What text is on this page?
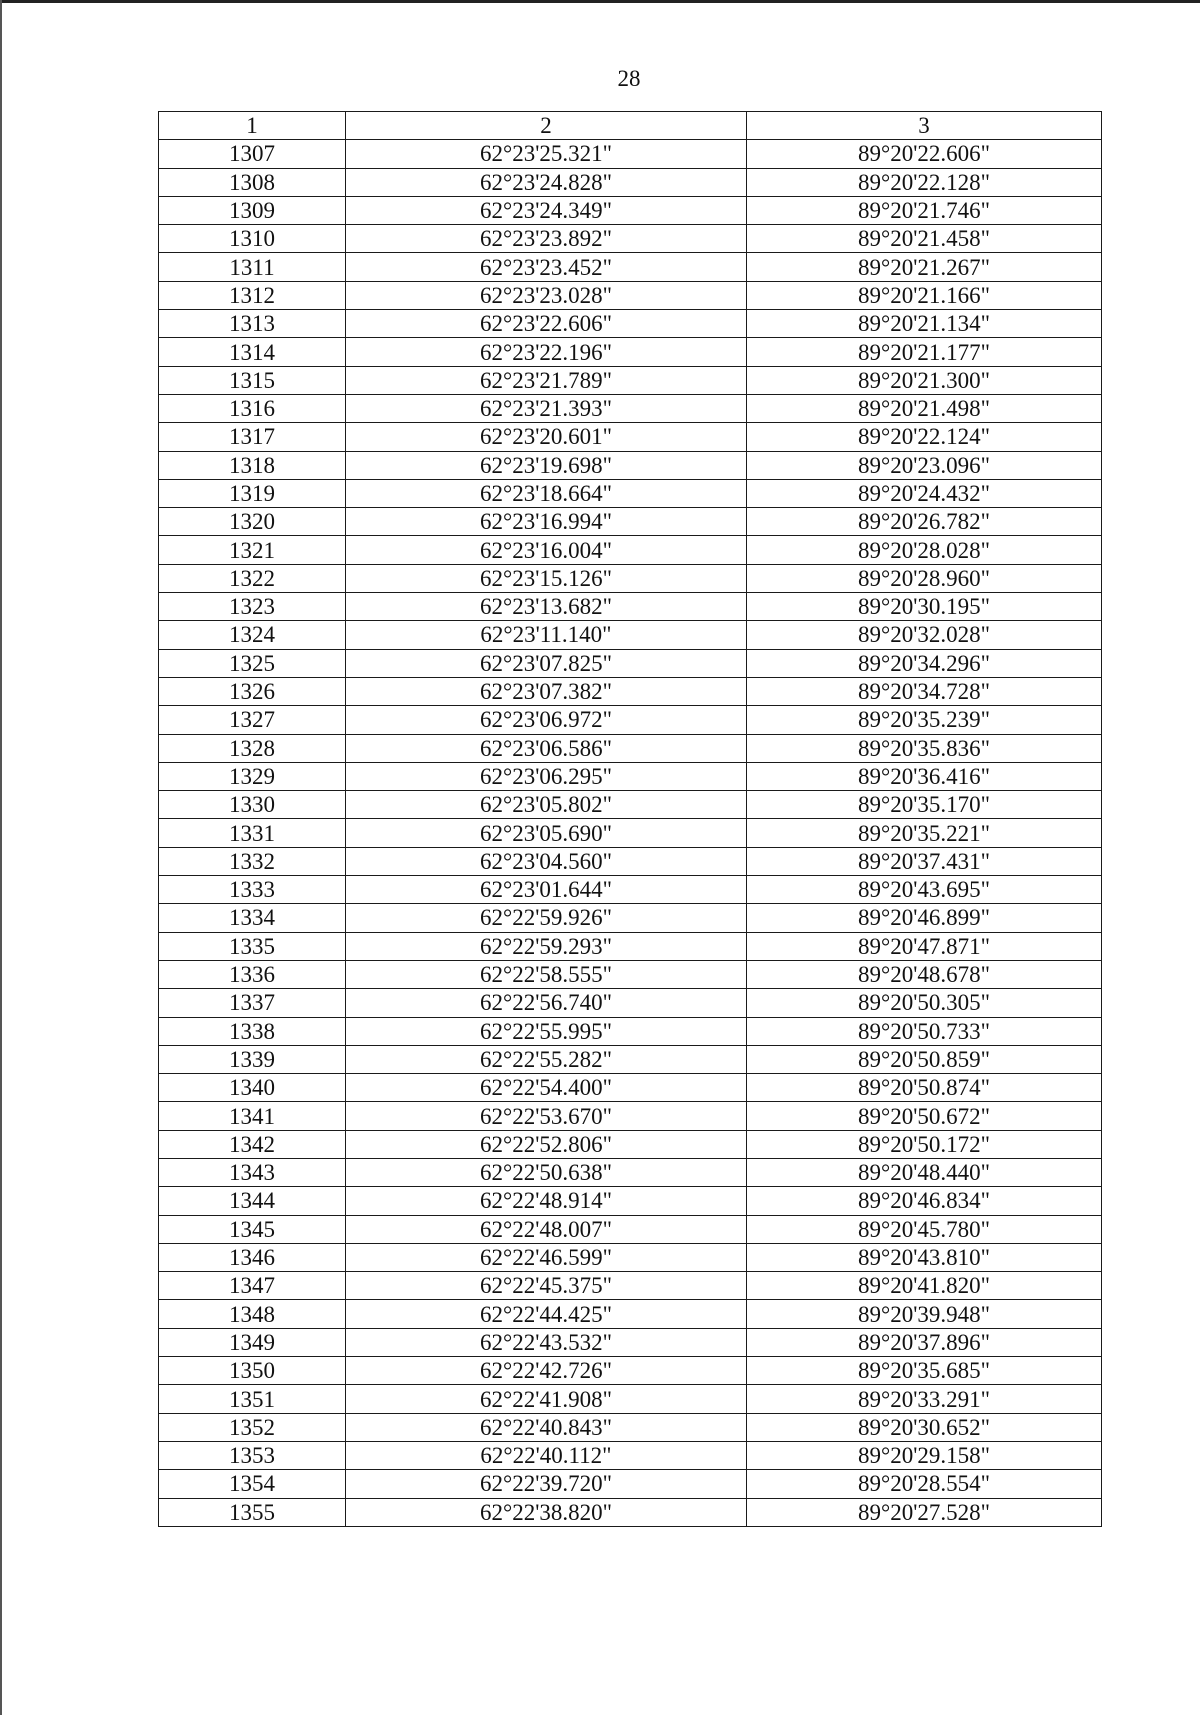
28
1	2	3
1307	62°23'25.321"	89°20'22.606"
1308	62°23'24.828"	89°20'22.128"
1309	62°23'24.349"	89°20'21.746"
1310	62°23'23.892"	89°20'21.458"
1311	62°23'23.452"	89°20'21.267"
1312	62°23'23.028"	89°20'21.166"
1313	62°23'22.606"	89°20'21.134"
1314	62°23'22.196"	89°20'21.177"
1315	62°23'21.789"	89°20'21.300"
1316	62°23'21.393"	89°20'21.498"
1317	62°23'20.601"	89°20'22.124"
1318	62°23'19.698"	89°20'23.096"
1319	62°23'18.664"	89°20'24.432"
1320	62°23'16.994"	89°20'26.782"
1321	62°23'16.004"	89°20'28.028"
1322	62°23'15.126"	89°20'28.960"
1323	62°23'13.682"	89°20'30.195"
1324	62°23'11.140"	89°20'32.028"
1325	62°23'07.825"	89°20'34.296"
1326	62°23'07.382"	89°20'34.728"
1327	62°23'06.972"	89°20'35.239"
1328	62°23'06.586"	89°20'35.836"
1329	62°23'06.295"	89°20'36.416"
1330	62°23'05.802"	89°20'35.170"
1331	62°23'05.690"	89°20'35.221"
1332	62°23'04.560"	89°20'37.431"
1333	62°23'01.644"	89°20'43.695"
1334	62°22'59.926"	89°20'46.899"
1335	62°22'59.293"	89°20'47.871"
1336	62°22'58.555"	89°20'48.678"
1337	62°22'56.740"	89°20'50.305"
1338	62°22'55.995"	89°20'50.733"
1339	62°22'55.282"	89°20'50.859"
1340	62°22'54.400"	89°20'50.874"
1341	62°22'53.670"	89°20'50.672"
1342	62°22'52.806"	89°20'50.172"
1343	62°22'50.638"	89°20'48.440"
1344	62°22'48.914"	89°20'46.834"
1345	62°22'48.007"	89°20'45.780"
1346	62°22'46.599"	89°20'43.810"
1347	62°22'45.375"	89°20'41.820"
1348	62°22'44.425"	89°20'39.948"
1349	62°22'43.532"	89°20'37.896"
1350	62°22'42.726"	89°20'35.685"
1351	62°22'41.908"	89°20'33.291"
1352	62°22'40.843"	89°20'30.652"
1353	62°22'40.112"	89°20'29.158"
1354	62°22'39.720"	89°20'28.554"
1355	62°22'38.820"	89°20'27.528"
